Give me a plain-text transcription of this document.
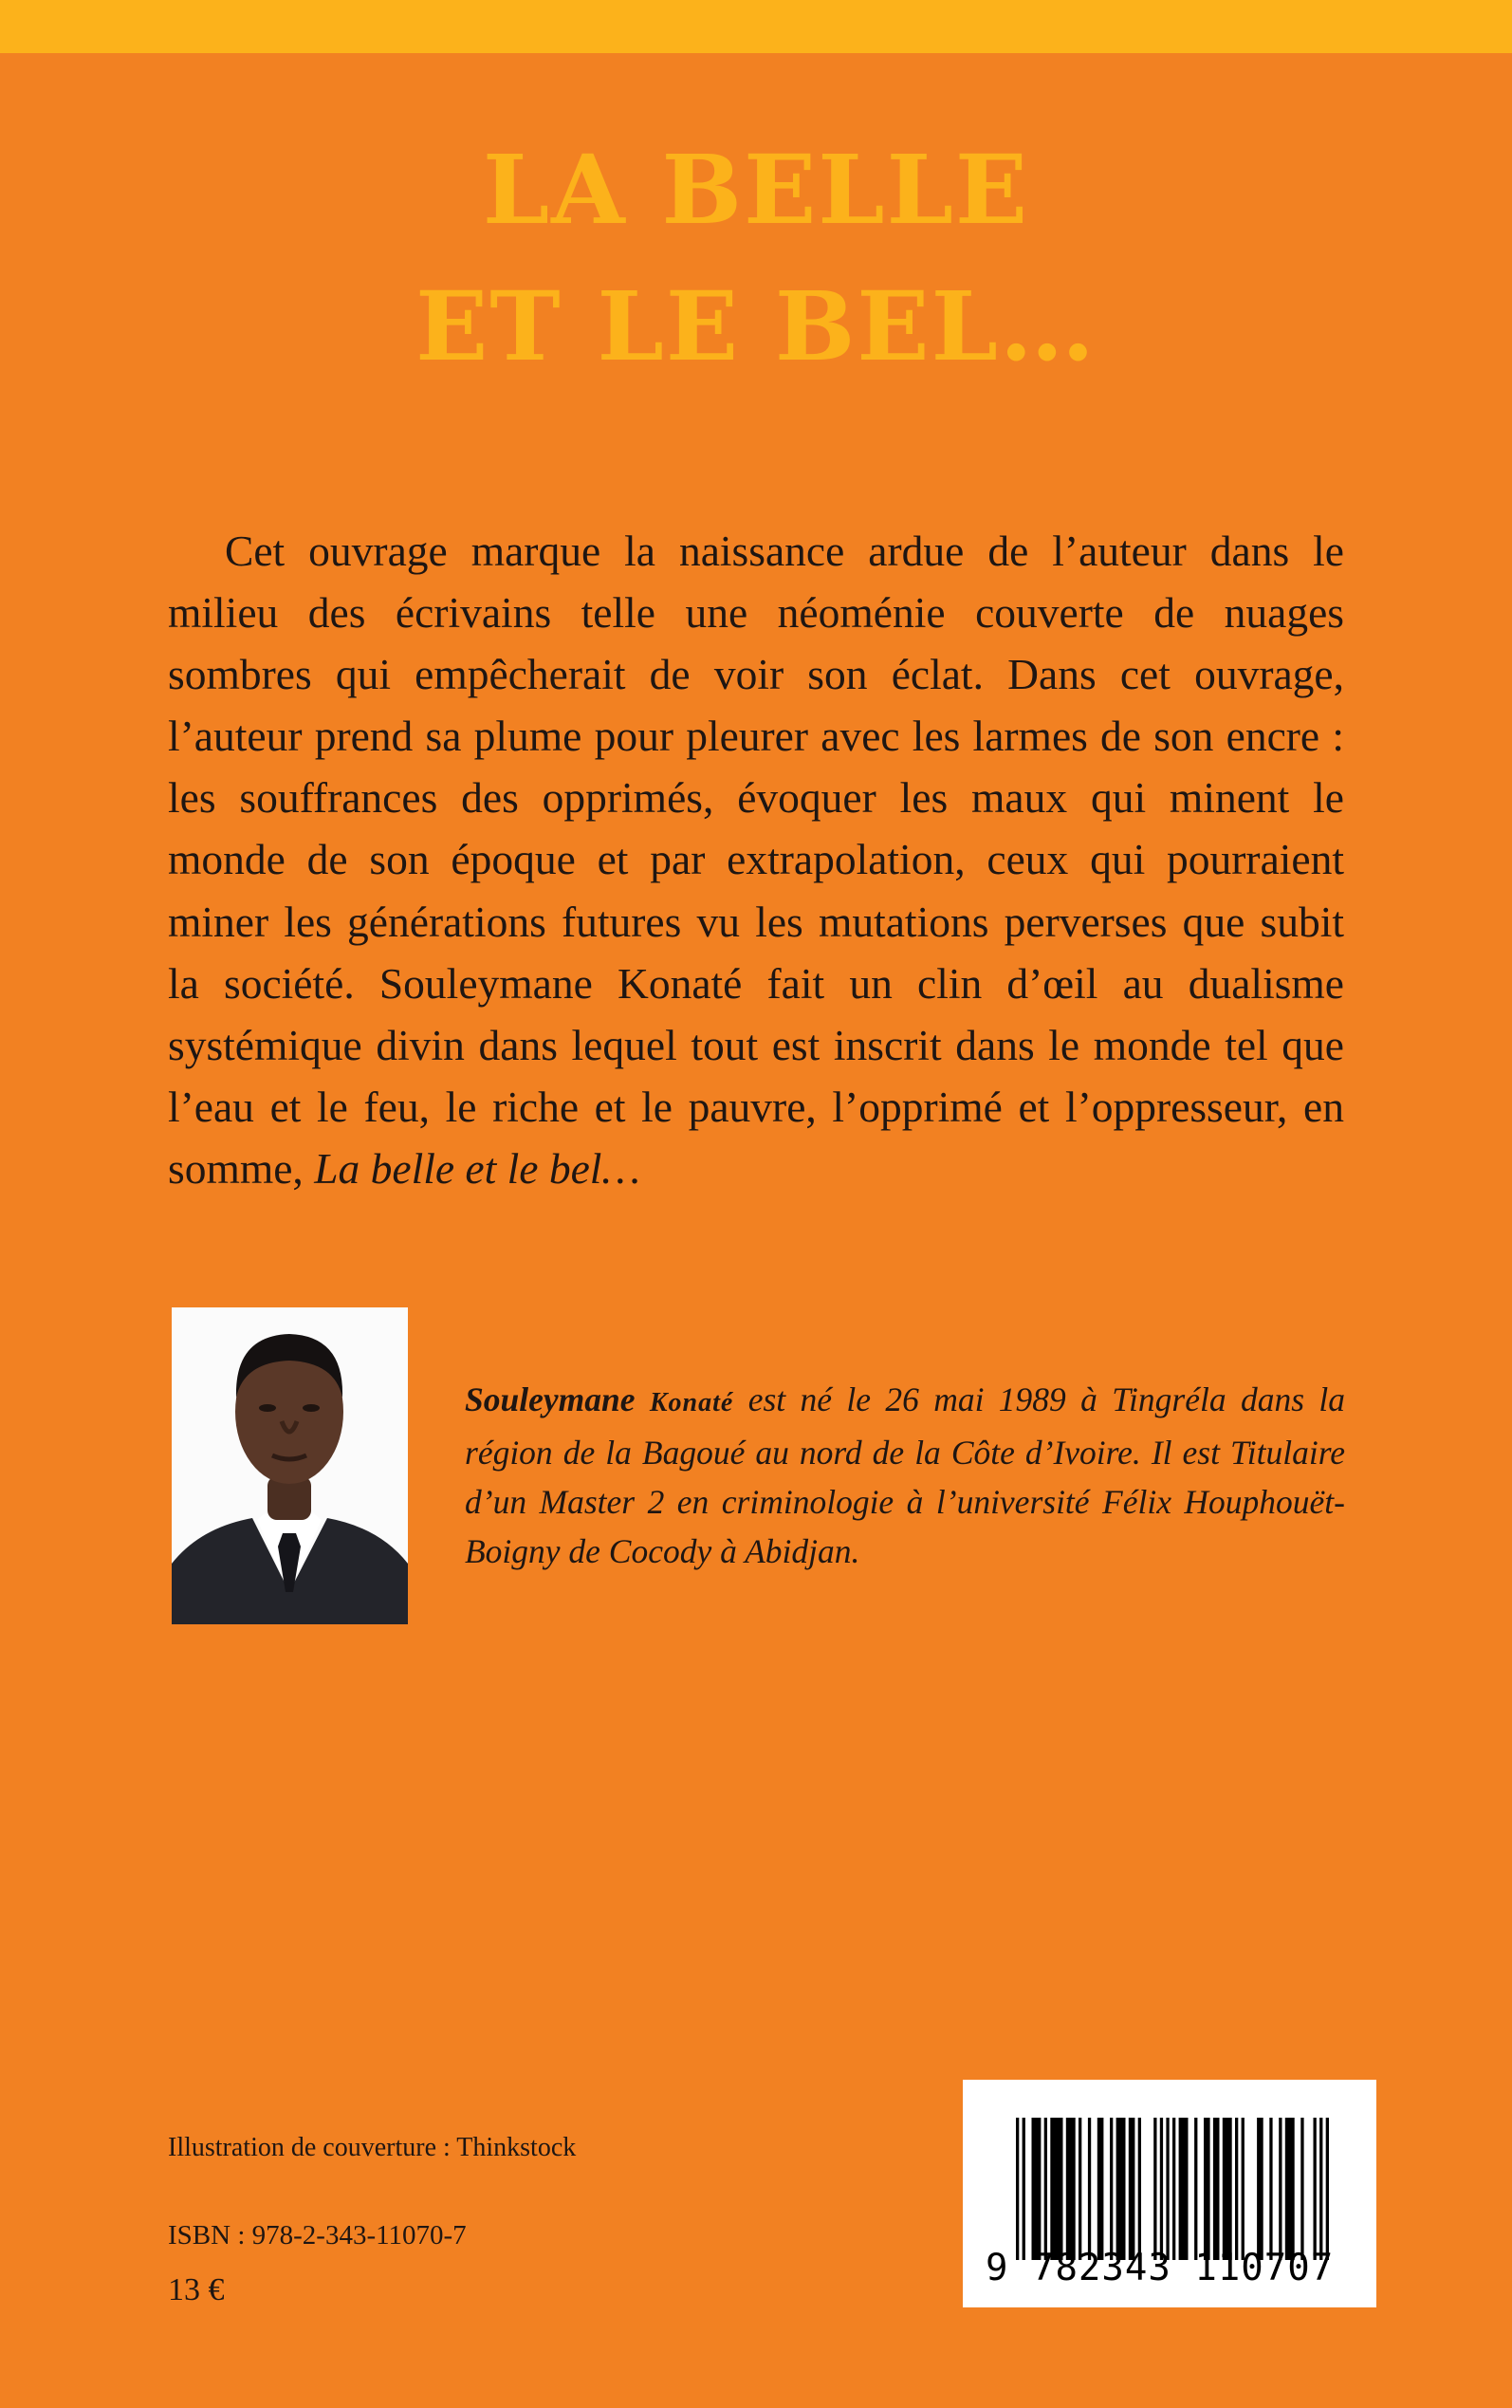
LA BELLE
ET LE BEL…

Cet ouvrage marque la naissance ardue de l’auteur dans le milieu des écrivains telle une néoménie couverte de nuages sombres qui empêcherait de voir son éclat. Dans cet ouvrage, l’auteur prend sa plume pour pleurer avec les larmes de son encre : les souffrances des opprimés, évoquer les maux qui minent le monde de son époque et par extrapolation, ceux qui pourraient miner les générations futures vu les mutations perverses que subit la société. Souleymane Konaté fait un clin d’œil au dualisme systémique divin dans lequel tout est inscrit dans le monde tel que l’eau et le feu, le riche et le pauvre, l’opprimé et l’oppresseur, en somme, La belle et le bel…

Souleymane Konaté est né le 26 mai 1989 à Tingréla dans la région de la Bagoué au nord de la Côte d’Ivoire. Il est Titulaire d’un Master 2 en criminologie à l’université Félix Houphouët-Boigny de Cocody à Abidjan.

Illustration de couverture : Thinkstock
ISBN : 978-2-343-11070-7
13 €
9 782343 110707
